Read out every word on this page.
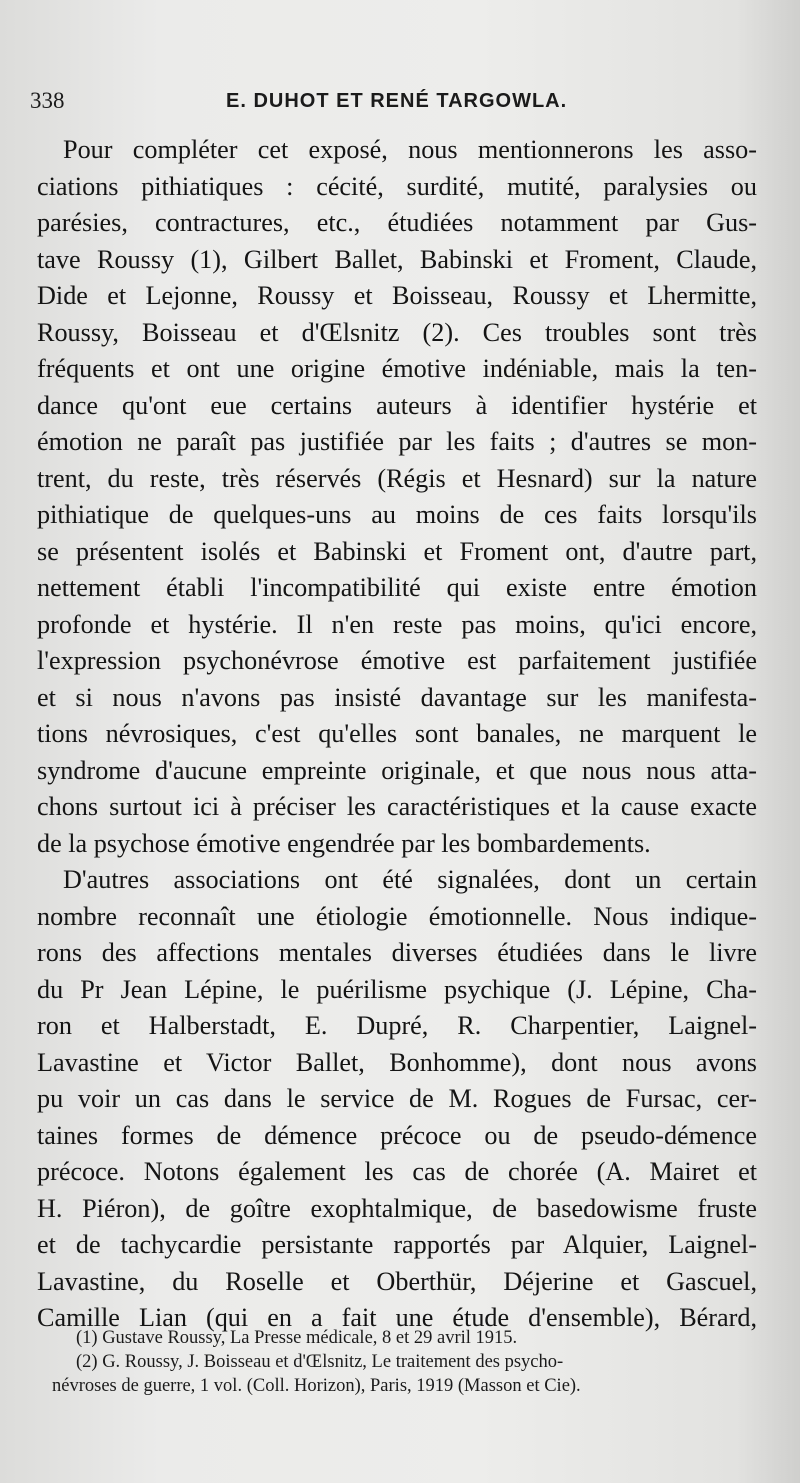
338	E. DUHOT ET RENÉ TARGOWLA.
Pour compléter cet exposé, nous mentionnerons les asso-
ciations pithiatiques : cécité, surdité, mutité, paralysies ou
parésies, contractures, etc., étudiées notamment par Gus-
tave Roussy (1), Gilbert Ballet, Babinski et Froment, Claude,
Dide et Lejonne, Roussy et Boisseau, Roussy et Lhermitte,
Roussy, Boisseau et d'Œlsnitz (2). Ces troubles sont très
fréquents et ont une origine émotive indéniable, mais la ten-
dance qu'ont eue certains auteurs à identifier hystérie et
émotion ne paraît pas justifiée par les faits ; d'autres se mon-
trent, du reste, très réservés (Régis et Hesnard) sur la nature
pithiatique de quelques-uns au moins de ces faits lorsqu'ils
se présentent isolés et Babinski et Froment ont, d'autre part,
nettement établi l'incompatibilité qui existe entre émotion
profonde et hystérie. Il n'en reste pas moins, qu'ici encore,
l'expression psychonévrose émotive est parfaitement justifiée
et si nous n'avons pas insisté davantage sur les manifesta-
tions névrosiques, c'est qu'elles sont banales, ne marquent le
syndrome d'aucune empreinte originale, et que nous nous atta-
chons surtout ici à préciser les caractéristiques et la cause exacte
de la psychose émotive engendrée par les bombardements.
D'autres associations ont été signalées, dont un certain
nombre reconnaît une étiologie émotionnelle. Nous indique-
rons des affections mentales diverses étudiées dans le livre
du Pr Jean Lépine, le puérilisme psychique (J. Lépine, Cha-
ron et Halberstadt, E. Dupré, R. Charpentier, Laignel-
Lavastine et Victor Ballet, Bonhomme), dont nous avons
pu voir un cas dans le service de M. Rogues de Fursac, cer-
taines formes de démence précoce ou de pseudo-démence
précoce. Notons également les cas de chorée (A. Mairet et
H. Piéron), de goître exophtalmique, de basedowisme fruste
et de tachycardie persistante rapportés par Alquier, Laignel-
Lavastine, du Roselle et Oberthür, Déjerine et Gascuel,
Camille Lian (qui en a fait une étude d'ensemble), Bérard,
(1) Gustave Roussy, La Presse médicale, 8 et 29 avril 1915.
(2) G. Roussy, J. Boisseau et d'Œlsnitz, Le traitement des psycho-
névroses de guerre, 1 vol. (Coll. Horizon), Paris, 1919 (Masson et Cie).
